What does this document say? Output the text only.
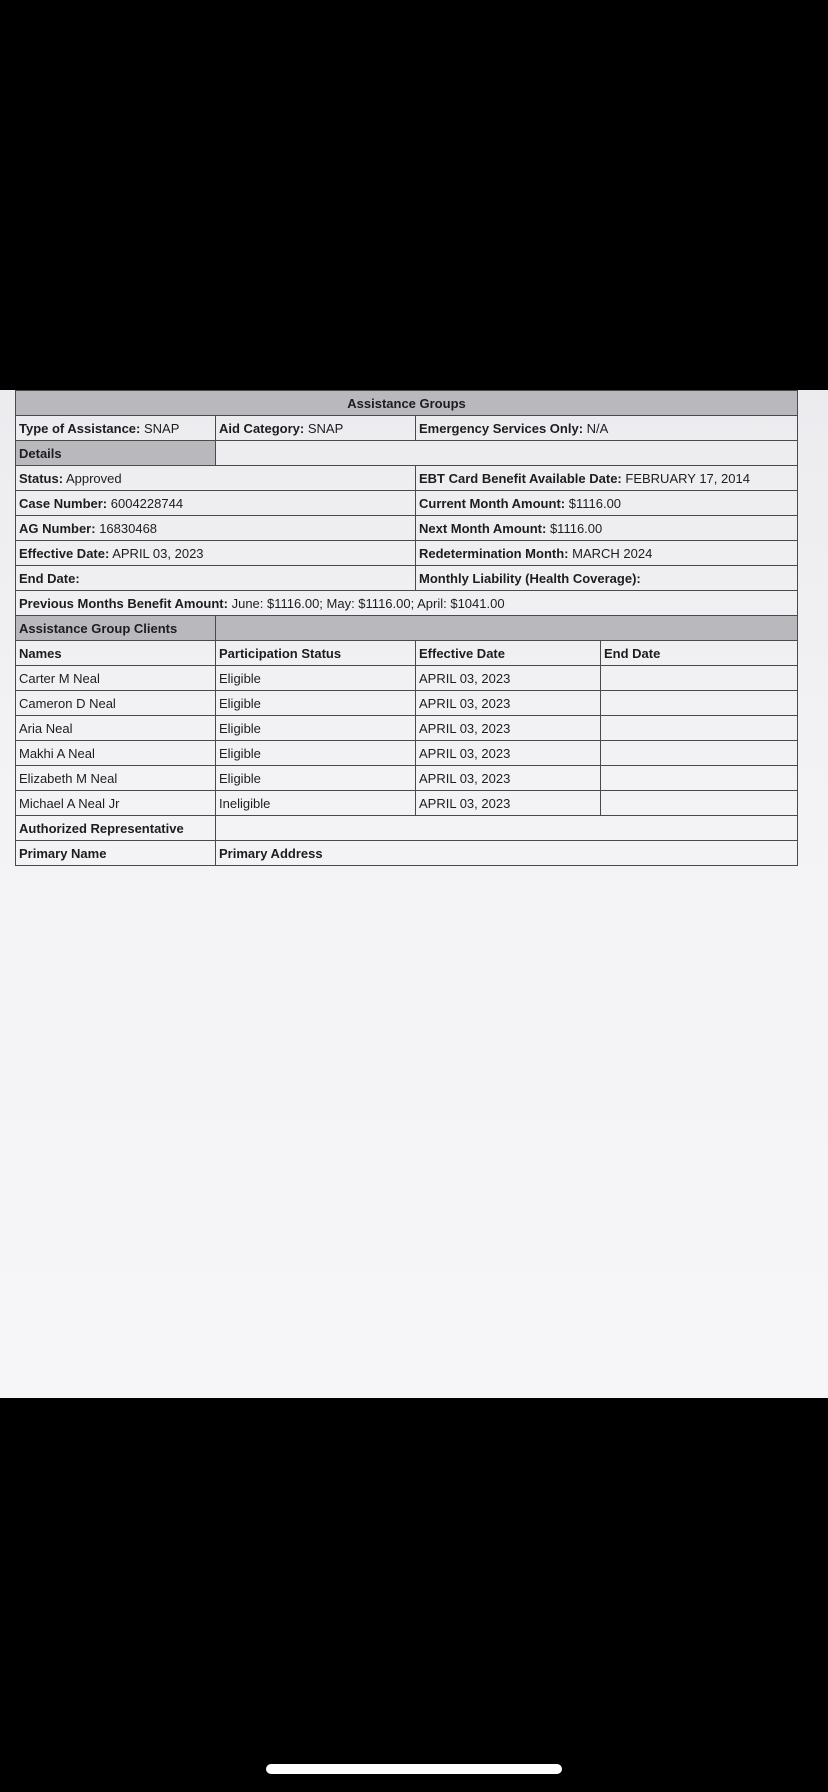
Assistance Groups			
Type of Assistance: SNAP	Aid Category: SNAP	Emergency Services Only: N/A	
Details			
Status: Approved		EBT Card Benefit Available Date: FEBRUARY 17, 2014	
Case Number: 6004228744		Current Month Amount: $1116.00	
AG Number: 16830468		Next Month Amount: $1116.00	
Effective Date: APRIL 03, 2023		Redetermination Month: MARCH 2024	
End Date:		Monthly Liability (Health Coverage):	
Previous Months Benefit Amount: June: $1116.00; May: $1116.00; April: $1041.00			
Assistance Group Clients			
Names	Participation Status	Effective Date	End Date
Carter M Neal	Eligible	APRIL 03, 2023	
Cameron D Neal	Eligible	APRIL 03, 2023	
Aria Neal	Eligible	APRIL 03, 2023	
Makhi A Neal	Eligible	APRIL 03, 2023	
Elizabeth M Neal	Eligible	APRIL 03, 2023	
Michael A Neal Jr	Ineligible	APRIL 03, 2023	
Authorized Representative			
Primary Name	Primary Address		
